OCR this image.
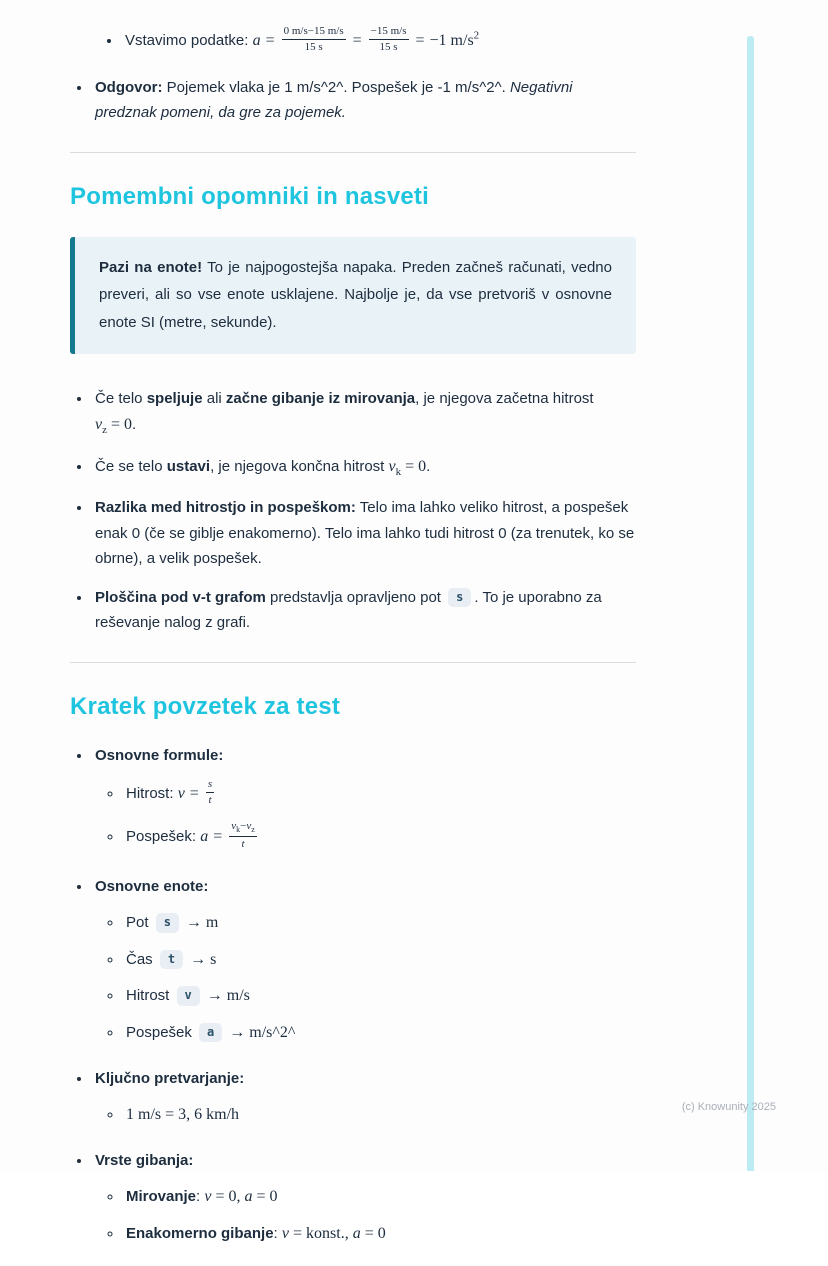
• Vstavimo podatke: $a = \frac{0 m/s-15 m/s}{15 s} = \frac{-15 m/s}{15 s} = -1$ $m/s^2$
• Odgovor: Pojemek vlaka je 1 m/s^2^. Pospešek je -1 m/s^2^. Negativni predznak pomeni, da gre za pojemek.
Pomembni opomniki in nasveti

Pazi na enote! To je najpogostejša napaka. Preden začneš računati, vedno preveri, ali so vse enote usklajene. Najbolje je, da vse pretvoriš v osnovne enote SI (metre, sekunde).

• Če telo speljuje ali začne gibanje iz mirovanja, je njegova začetna hitrost $v_z = 0$.
• Če se telo ustavi, je njegova končna hitrost $v_k = 0$.
• Razlika med hitrostjo in pospeškom: Telo ima lahko veliko hitrost, a pospešek enak 0 (če se giblje enakomerno). Telo ima lahko tudi hitrost 0 (za trenutek, ko se obrne), a velik pospešek.
• Ploščina pod v-t grafom predstavlja opravljeno pot s . To je uporabno za reševanje nalog z grafi.
Kratek povzetek za test
• Osnovne formule:
◦ Hitrost: $v = \frac{s}{t}$
◦ Pospešek: $a = \frac{v_k-v_z}{t}$
• Osnovne enote:
◦ Pot s → m
◦ Čas t → s
◦ Hitrost v → m/s
◦ Pospešek a → m/s^2^
• Ključno pretvarjanje:
◦ 1 m/s = 3, 6 km/h
• Vrste gibanja:
◦ Mirovanje: v = 0, a = 0
◦ Enakomerno gibanje: v = konst., a = 0
(c) Knowunity 2025
